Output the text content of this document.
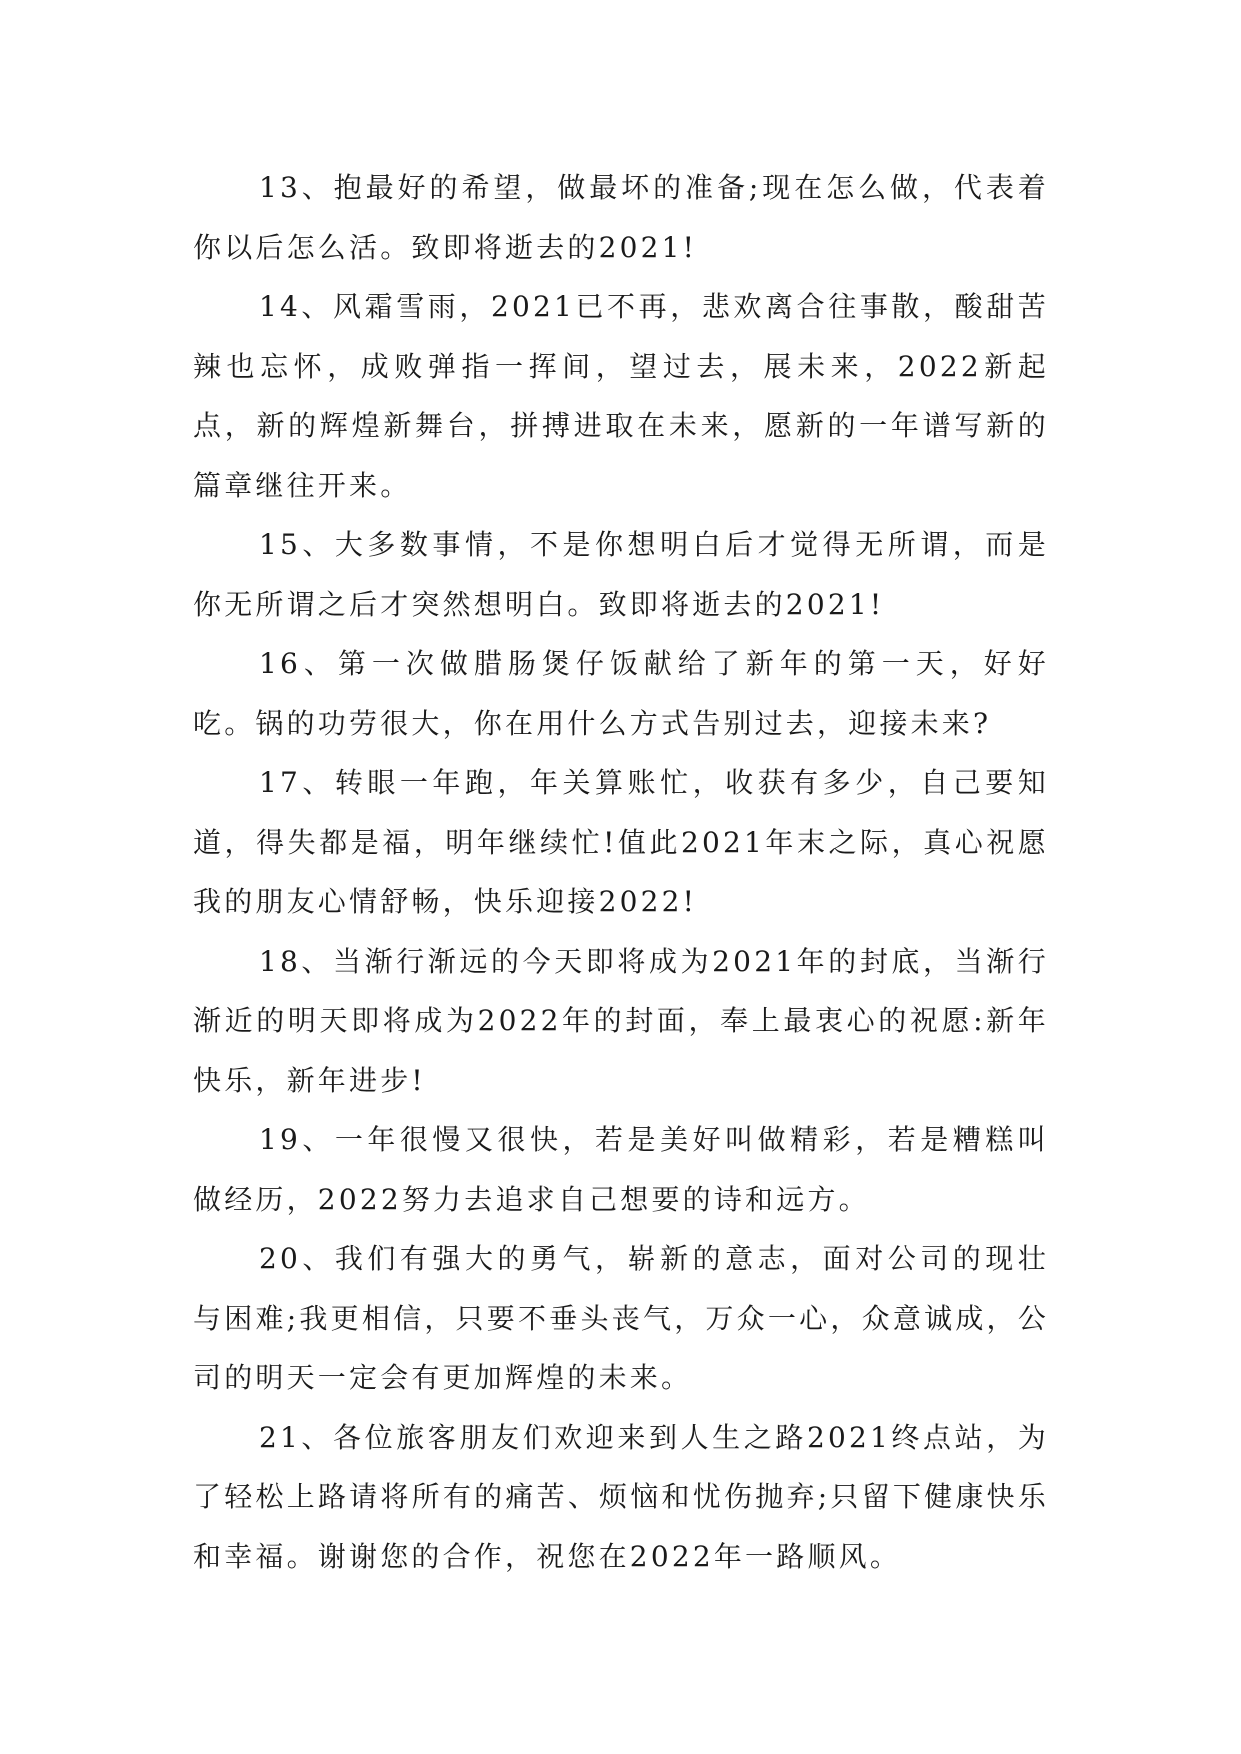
13、抱最好的希望，做最坏的准备;现在怎么做，代表着你以后怎么活。致即将逝去的2021!

14、风霜雪雨，2021已不再，悲欢离合往事散，酸甜苦辣也忘怀，成败弹指一挥间，望过去，展未来，2022新起点，新的辉煌新舞台，拼搏进取在未来，愿新的一年谱写新的篇章继往开来。

15、大多数事情，不是你想明白后才觉得无所谓，而是你无所谓之后才突然想明白。致即将逝去的2021!

16、第一次做腊肠煲仔饭献给了新年的第一天，好好吃。锅的功劳很大，你在用什么方式告别过去，迎接未来?

17、转眼一年跑，年关算账忙，收获有多少，自己要知道，得失都是福，明年继续忙!值此2021年末之际，真心祝愿我的朋友心情舒畅，快乐迎接2022!

18、当渐行渐远的今天即将成为2021年的封底，当渐行渐近的明天即将成为2022年的封面，奉上最衷心的祝愿:新年快乐，新年进步!

19、一年很慢又很快，若是美好叫做精彩，若是糟糕叫做经历，2022努力去追求自己想要的诗和远方。

20、我们有强大的勇气，崭新的意志，面对公司的现壮与困难;我更相信，只要不垂头丧气，万众一心，众意诚成，公司的明天一定会有更加辉煌的未来。

21、各位旅客朋友们欢迎来到人生之路2021终点站，为了轻松上路请将所有的痛苦、烦恼和忧伤抛弃;只留下健康快乐和幸福。谢谢您的合作，祝您在2022年一路顺风。
